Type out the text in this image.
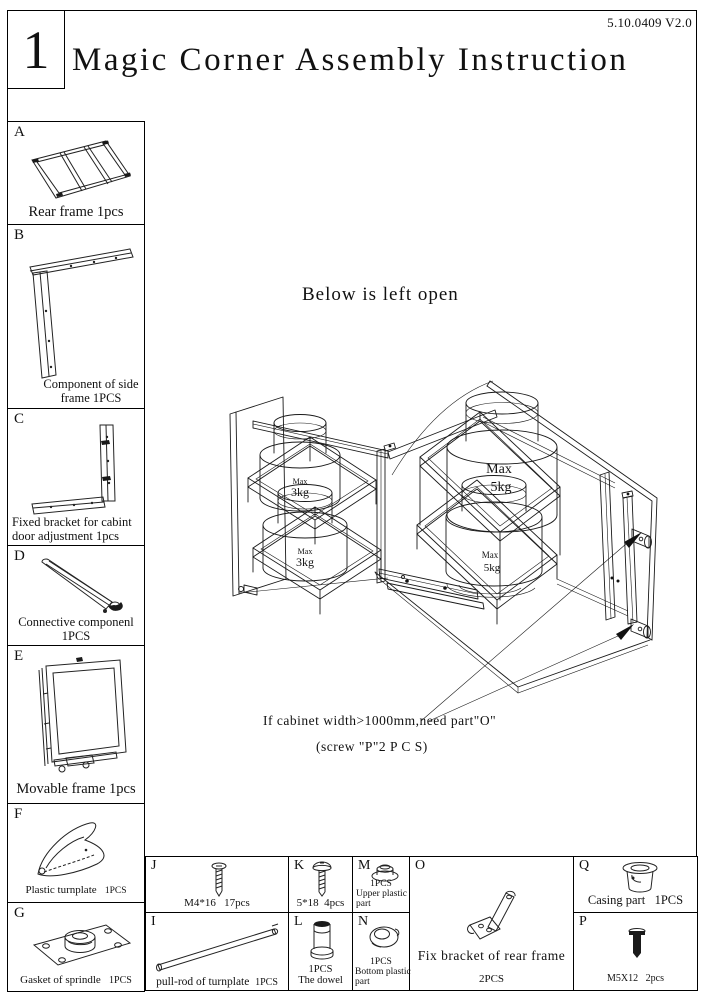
1 Magic Corner Assembly Instruction
5.10.0409 V2.0
A
Rear frame 1pcs
B
Component of side
frame 1PCS
C
Fixed bracket for cabint
door adjustment 1pcs
D
Connective componenl
1PCS
E
Movable frame 1pcs
F
Plastic turnplate 1PCS
G
Gasket of sprindle 1PCS
J
M4*16 17pcs
K
5*18 4pcs
M
1PCS
Upper plastic
part
O
Fix bracket of rear frame
2PCS
Q
Casing part 1PCS
I
pull-rod of turnplate 1PCS
L
1PCS
The dowel
N
1PCS
Bottom plastic
part
P
M5X12 2pcs
Below is left open
If cabinet width>1000mm,need part"O"
(screw "P"2 P C S)
Max
3kg
Max
3kg
Max
5kg
Max
5kg
